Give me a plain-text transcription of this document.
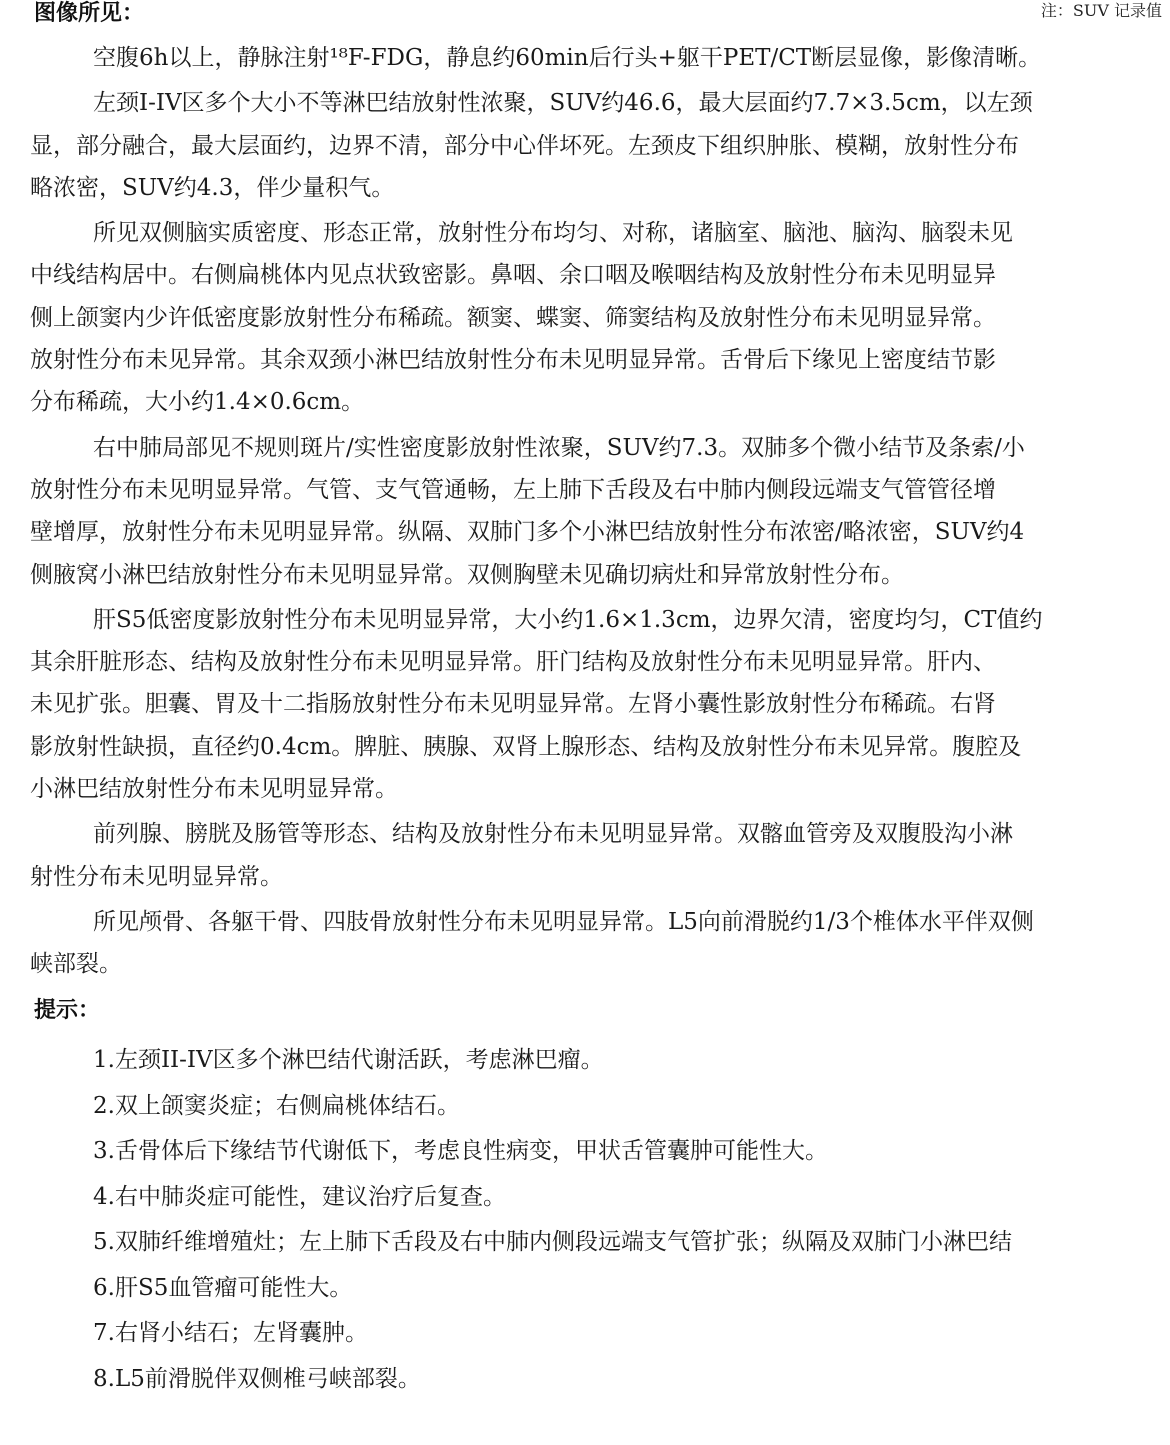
图像所见：	注：SUV 记录值
空腹6h以上，静脉注射¹⁸F-FDG，静息约60min后行头+躯干PET/CT断层显像，影像清晰。
左颈I-IV区多个大小不等淋巴结放射性浓聚，SUV约46.6，最大层面约7.7×3.5cm，以左颈
显，部分融合，最大层面约，边界不清，部分中心伴坏死。左颈皮下组织肿胀、模糊，放射性分布
略浓密，SUV约4.3，伴少量积气。
所见双侧脑实质密度、形态正常，放射性分布均匀、对称，诸脑室、脑池、脑沟、脑裂未见
中线结构居中。右侧扁桃体内见点状致密影。鼻咽、余口咽及喉咽结构及放射性分布未见明显异
侧上颌窦内少许低密度影放射性分布稀疏。额窦、蝶窦、筛窦结构及放射性分布未见明显异常。
放射性分布未见异常。其余双颈小淋巴结放射性分布未见明显异常。舌骨后下缘见上密度结节影
分布稀疏，大小约1.4×0.6cm。
右中肺局部见不规则斑片/实性密度影放射性浓聚，SUV约7.3。双肺多个微小结节及条索/小
放射性分布未见明显异常。气管、支气管通畅，左上肺下舌段及右中肺内侧段远端支气管管径增
壁增厚，放射性分布未见明显异常。纵隔、双肺门多个小淋巴结放射性分布浓密/略浓密，SUV约4
侧腋窝小淋巴结放射性分布未见明显异常。双侧胸壁未见确切病灶和异常放射性分布。
肝S5低密度影放射性分布未见明显异常，大小约1.6×1.3cm，边界欠清，密度均匀，CT值约
其余肝脏形态、结构及放射性分布未见明显异常。肝门结构及放射性分布未见明显异常。肝内、
未见扩张。胆囊、胃及十二指肠放射性分布未见明显异常。左肾小囊性影放射性分布稀疏。右肾
影放射性缺损，直径约0.4cm。脾脏、胰腺、双肾上腺形态、结构及放射性分布未见异常。腹腔及
小淋巴结放射性分布未见明显异常。
前列腺、膀胱及肠管等形态、结构及放射性分布未见明显异常。双髂血管旁及双腹股沟小淋
射性分布未见明显异常。
所见颅骨、各躯干骨、四肢骨放射性分布未见明显异常。L5向前滑脱约1/3个椎体水平伴双侧
峡部裂。
提示：
1.左颈II-IV区多个淋巴结代谢活跃，考虑淋巴瘤。
2.双上颌窦炎症；右侧扁桃体结石。
3.舌骨体后下缘结节代谢低下，考虑良性病变，甲状舌管囊肿可能性大。
4.右中肺炎症可能性，建议治疗后复查。
5.双肺纤维增殖灶；左上肺下舌段及右中肺内侧段远端支气管扩张；纵隔及双肺门小淋巴结
6.肝S5血管瘤可能性大。
7.右肾小结石；左肾囊肿。
8.L5前滑脱伴双侧椎弓峡部裂。
